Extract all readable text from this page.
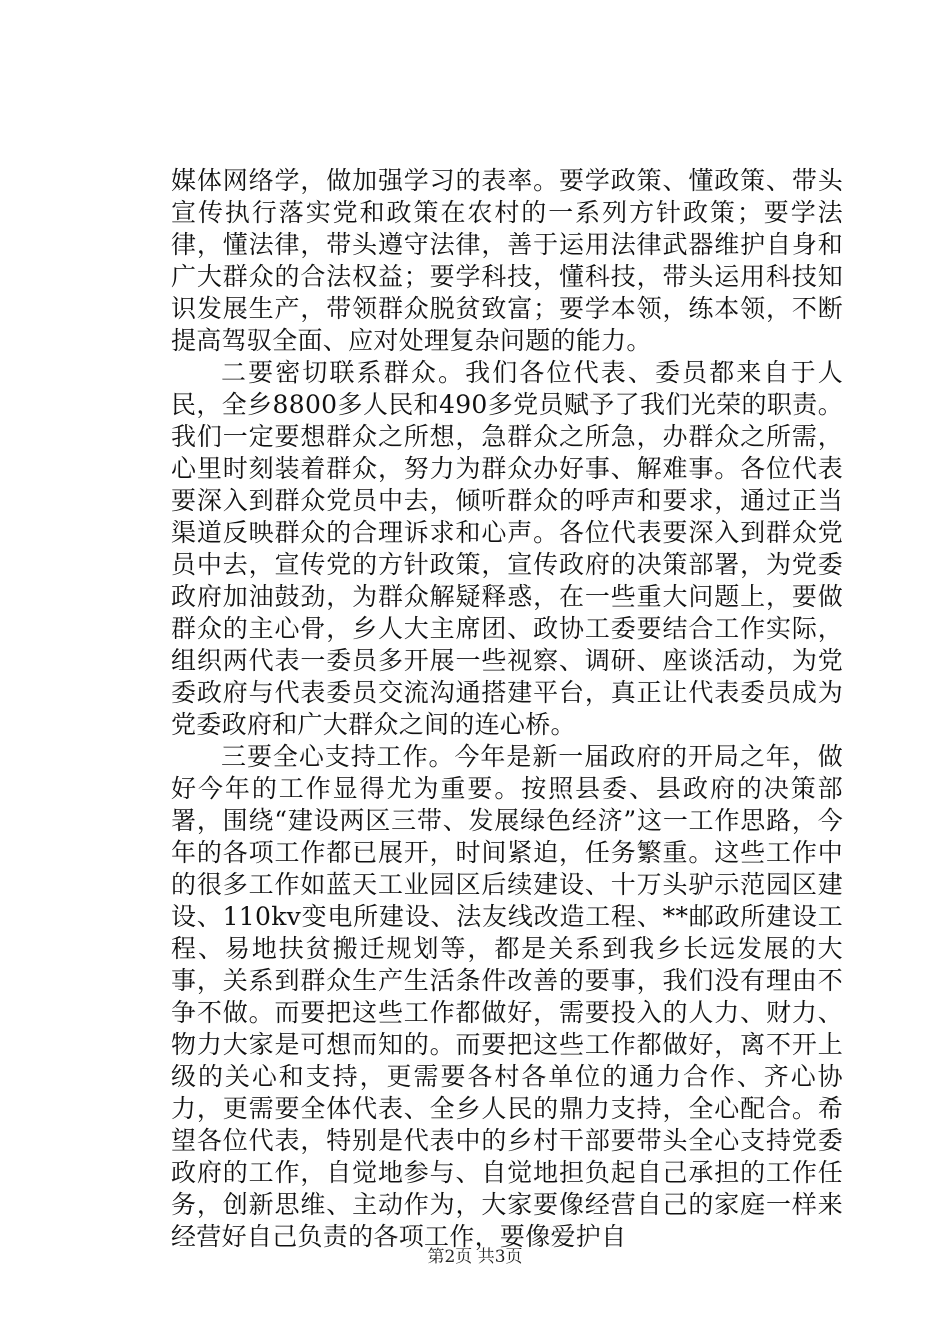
媒体网络学，做加强学习的表率。要学政策、懂政策、带头宣传执行落实党和政策在农村的一系列方针政策；要学法律，懂法律，带头遵守法律，善于运用法律武器维护自身和广大群众的合法权益；要学科技，懂科技，带头运用科技知识发展生产，带领群众脱贫致富；要学本领，练本领，不断提高驾驭全面、应对处理复杂问题的能力。

二要密切联系群众。我们各位代表、委员都来自于人民，全乡8800多人民和490多党员赋予了我们光荣的职责。我们一定要想群众之所想，急群众之所急，办群众之所需，心里时刻装着群众，努力为群众办好事、解难事。各位代表要深入到群众党员中去，倾听群众的呼声和要求，通过正当渠道反映群众的合理诉求和心声。各位代表要深入到群众党员中去，宣传党的方针政策，宣传政府的决策部署，为党委政府加油鼓劲，为群众解疑释惑，在一些重大问题上，要做群众的主心骨，乡人大主席团、政协工委要结合工作实际，组织两代表一委员多开展一些视察、调研、座谈活动，为党委政府与代表委员交流沟通搭建平台，真正让代表委员成为党委政府和广大群众之间的连心桥。

三要全心支持工作。今年是新一届政府的开局之年，做好今年的工作显得尤为重要。按照县委、县政府的决策部署，围绕“建设两区三带、发展绿色经济”这一工作思路，今年的各项工作都已展开，时间紧迫，任务繁重。这些工作中的很多工作如蓝天工业园区后续建设、十万头驴示范园区建设、110kv变电所建设、法友线改造工程、**邮政所建设工程、易地扶贫搬迁规划等，都是关系到我乡长远发展的大事，关系到群众生产生活条件改善的要事，我们没有理由不争不做。而要把这些工作都做好，需要投入的人力、财力、物力大家是可想而知的。而要把这些工作都做好，离不开上级的关心和支持，更需要各村各单位的通力合作、齐心协力，更需要全体代表、全乡人民的鼎力支持，全心配合。希望各位代表，特别是代表中的乡村干部要带头全心支持党委政府的工作，自觉地参与、自觉地担负起自己承担的工作任务，创新思维、主动作为，大家要像经营自己的家庭一样来经营好自己负责的各项工作，要像爱护自

第2页 共3页
